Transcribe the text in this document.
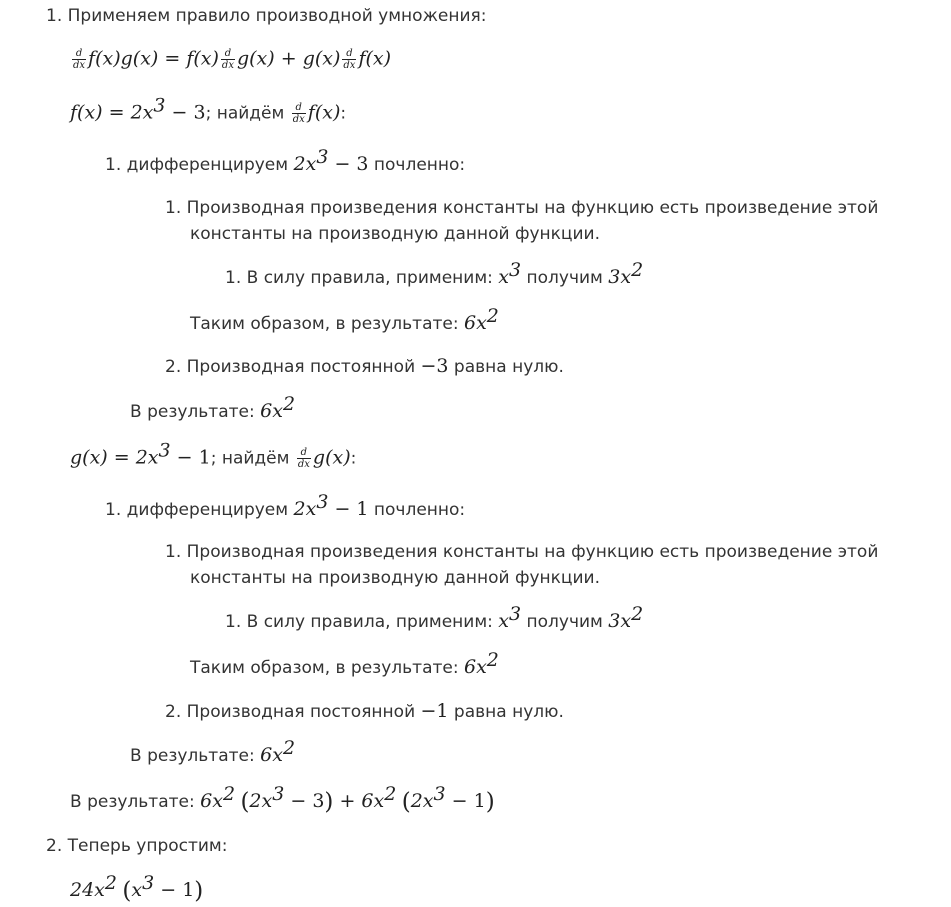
1. Применяем правило производной умножения:
$\frac{d}{dx} f(x)g(x) = f(x) \frac{d}{dx} g(x) + g(x) \frac{d}{dx} f(x)$
$f(x) = 2x^3 - 3$; найдём $\frac{d}{dx} f(x)$:
1. дифференцируем $2x^3 - 3$ почленно:
1. Производная произведения константы на функцию есть произведение этой
константы на производную данной функции.
1. В силу правила, применим: $x^3$ получим $3x^2$
Таким образом, в результате: $6x^2$
2. Производная постоянной −3 равна нулю.
В результате: $6x^2$
$g(x) = 2x^3 - 1$; найдём $\frac{d}{dx} g(x)$:
1. дифференцируем $2x^3 - 1$ почленно:
1. Производная произведения константы на функцию есть произведение этой
константы на производную данной функции.
1. В силу правила, применим: $x^3$ получим $3x^2$
Таким образом, в результате: $6x^2$
2. Производная постоянной −1 равна нулю.
В результате: $6x^2$
В результате: $6x^2$ $(2x^3 - 3) + 6x^2$ $(2x^3 - 1)$
2. Теперь упростим:
$24x^2$ $(x^3 - 1)$
